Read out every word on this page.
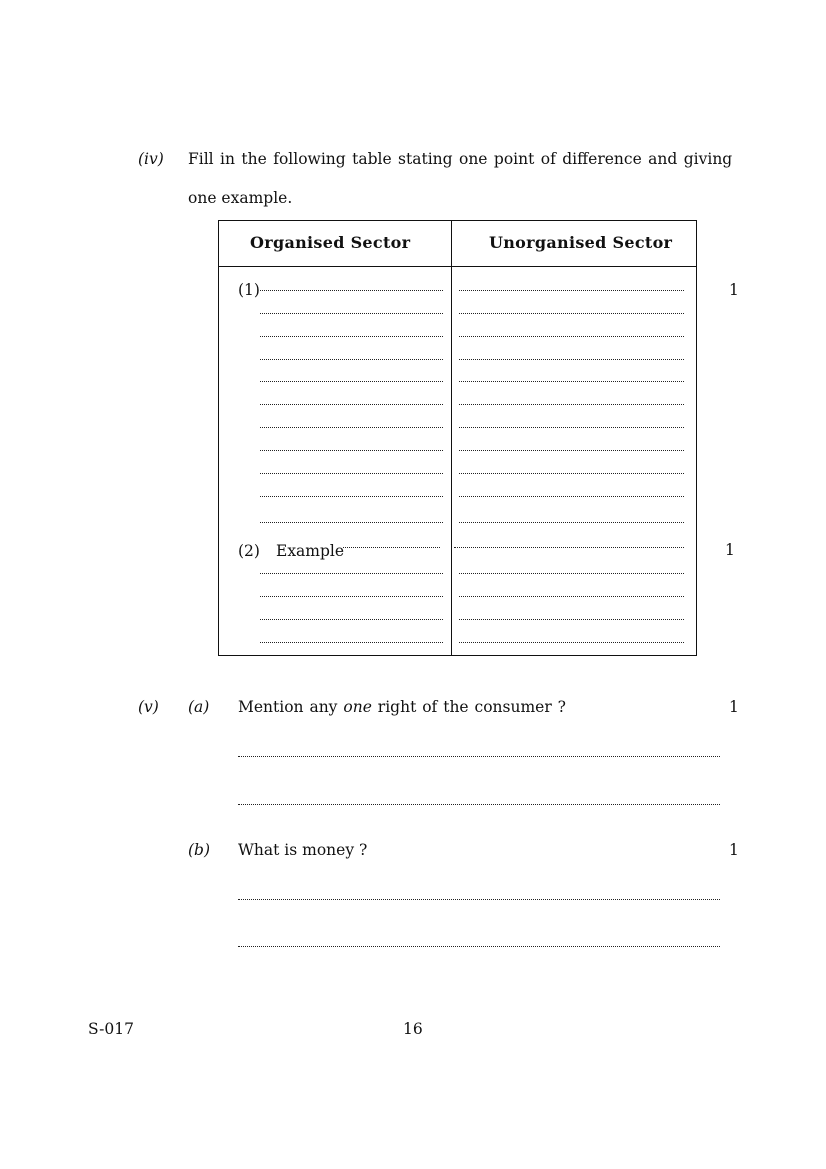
(iv) Fill in the following table stating one point of difference and giving
one example.
Organised Sector	Unorganised Sector
(1)	1
(2) Example	1
(v) (a) Mention any one right of the consumer ?	1
(b) What is money ?	1
S-017	16
